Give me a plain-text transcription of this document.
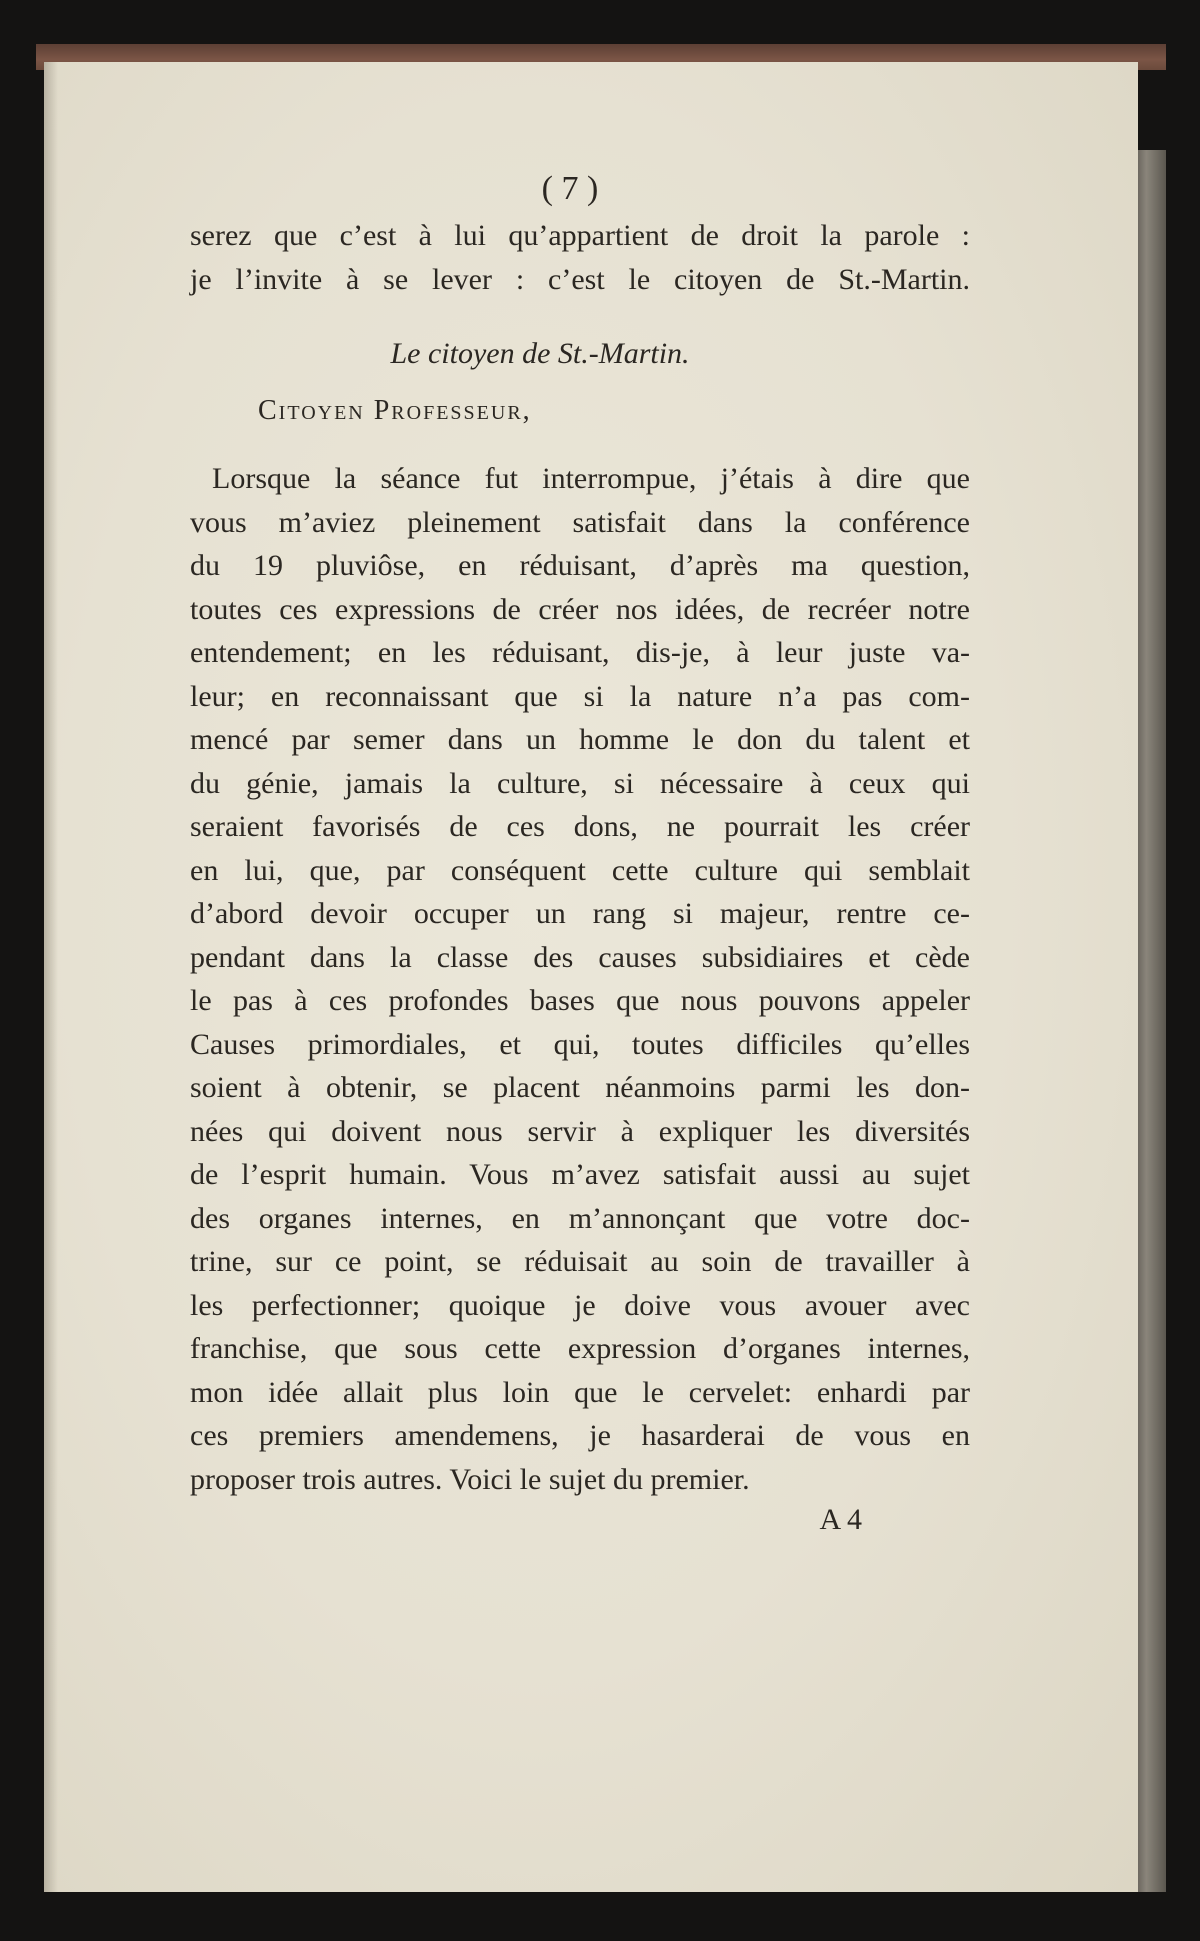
( 7 )
serez que c’est à lui qu’appartient de droit la parole :
je l’invite à se lever : c’est le citoyen de St.-Martin.
Le citoyen de St.-Martin.
Citoyen Professeur,
Lorsque la séance fut interrompue, j’étais à dire que
vous m’aviez pleinement satisfait dans la conférence
du 19 pluviôse, en réduisant, d’après ma question,
toutes ces expressions de créer nos idées, de recréer notre
entendement; en les réduisant, dis-je, à leur juste va-
leur; en reconnaissant que si la nature n’a pas com-
mencé par semer dans un homme le don du talent et
du génie, jamais la culture, si nécessaire à ceux qui
seraient favorisés de ces dons, ne pourrait les créer
en lui, que, par conséquent cette culture qui semblait
d’abord devoir occuper un rang si majeur, rentre ce-
pendant dans la classe des causes subsidiaires et cède
le pas à ces profondes bases que nous pouvons appeler
Causes primordiales, et qui, toutes difficiles qu’elles
soient à obtenir, se placent néanmoins parmi les don-
nées qui doivent nous servir à expliquer les diversités
de l’esprit humain. Vous m’avez satisfait aussi au sujet
des organes internes, en m’annonçant que votre doc-
trine, sur ce point, se réduisait au soin de travailler à
les perfectionner; quoique je doive vous avouer avec
franchise, que sous cette expression d’organes internes,
mon idée allait plus loin que le cervelet: enhardi par
ces premiers amendemens, je hasarderai de vous en
proposer trois autres. Voici le sujet du premier.
A 4
